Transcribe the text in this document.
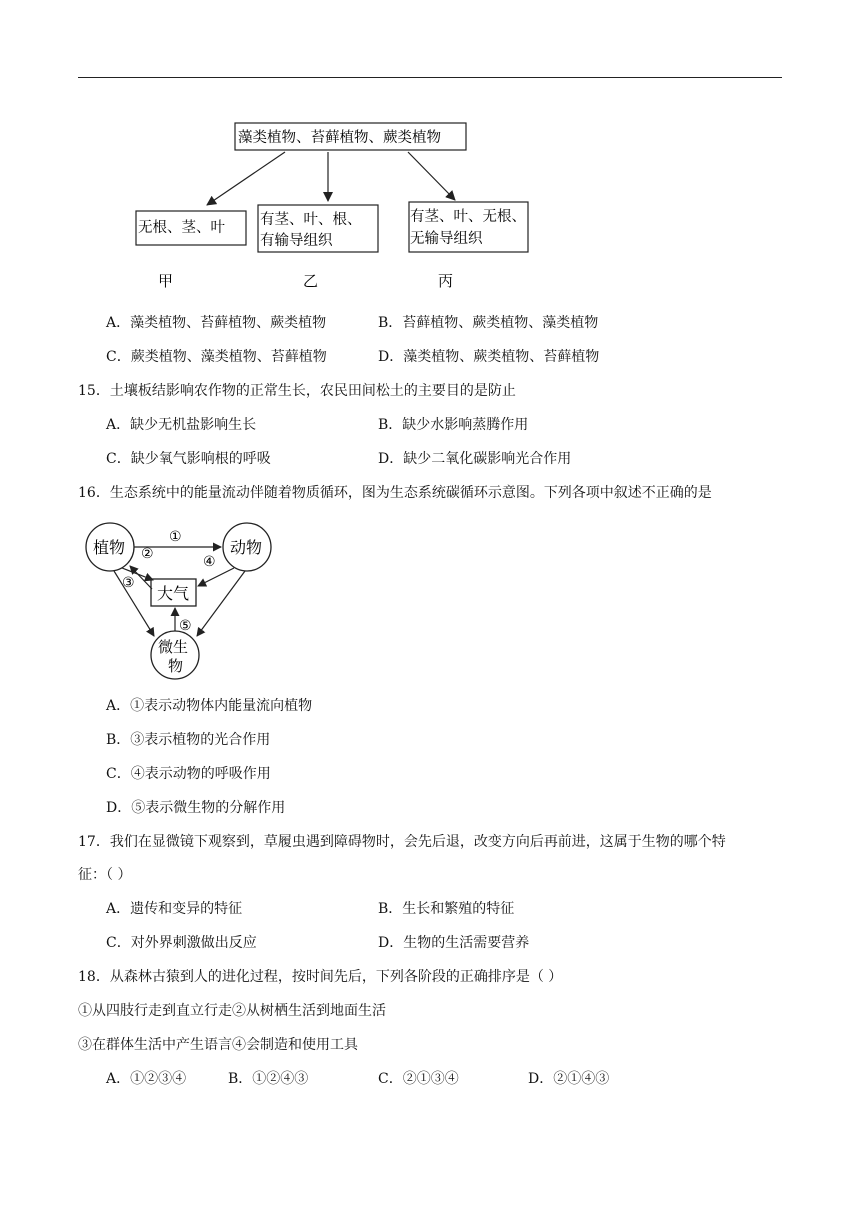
藻类植物、苔藓植物、蕨类植物
无根、茎、叶 有茎、叶、根、
有输导组织
有茎、叶、无根、
无输导组织
甲	乙	丙
A．藻类植物、苔藓植物、蕨类植物	B．苔藓植物、蕨类植物、藻类植物
C．蕨类植物、藻类植物、苔藓植物	D．藻类植物、蕨类植物、苔藓植物
15．土壤板结影响农作物的正常生长，农民田间松土的主要目的是防止
A．缺少无机盐影响生长	B．缺少水影响蒸腾作用
C．缺少氧气影响根的呼吸	D．缺少二氧化碳影响光合作用
16．生态系统中的能量流动伴随着物质循环，图为生态系统碳循环示意图。下列各项中叙述不正确的是
植物	动物
大气
微生
物
①
②
③
④
⑤
A．①表示动物体内能量流向植物
B．③表示植物的光合作用
C．④表示动物的呼吸作用
D．⑤表示微生物的分解作用
17．我们在显微镜下观察到，草履虫遇到障碍物时，会先后退，改变方向后再前进，这属于生物的哪个特
征：（ ）
A．遗传和变异的特征	B．生长和繁殖的特征
C．对外界刺激做出反应	D．生物的生活需要营养
18．从森林古猿到人的进化过程，按时间先后，下列各阶段的正确排序是（ ）
①从四肢行走到直立行走②从树栖生活到地面生活
③在群体生活中产生语言④会制造和使用工具
A．①②③④	B．①②④③	C．②①③④	D．②①④③
